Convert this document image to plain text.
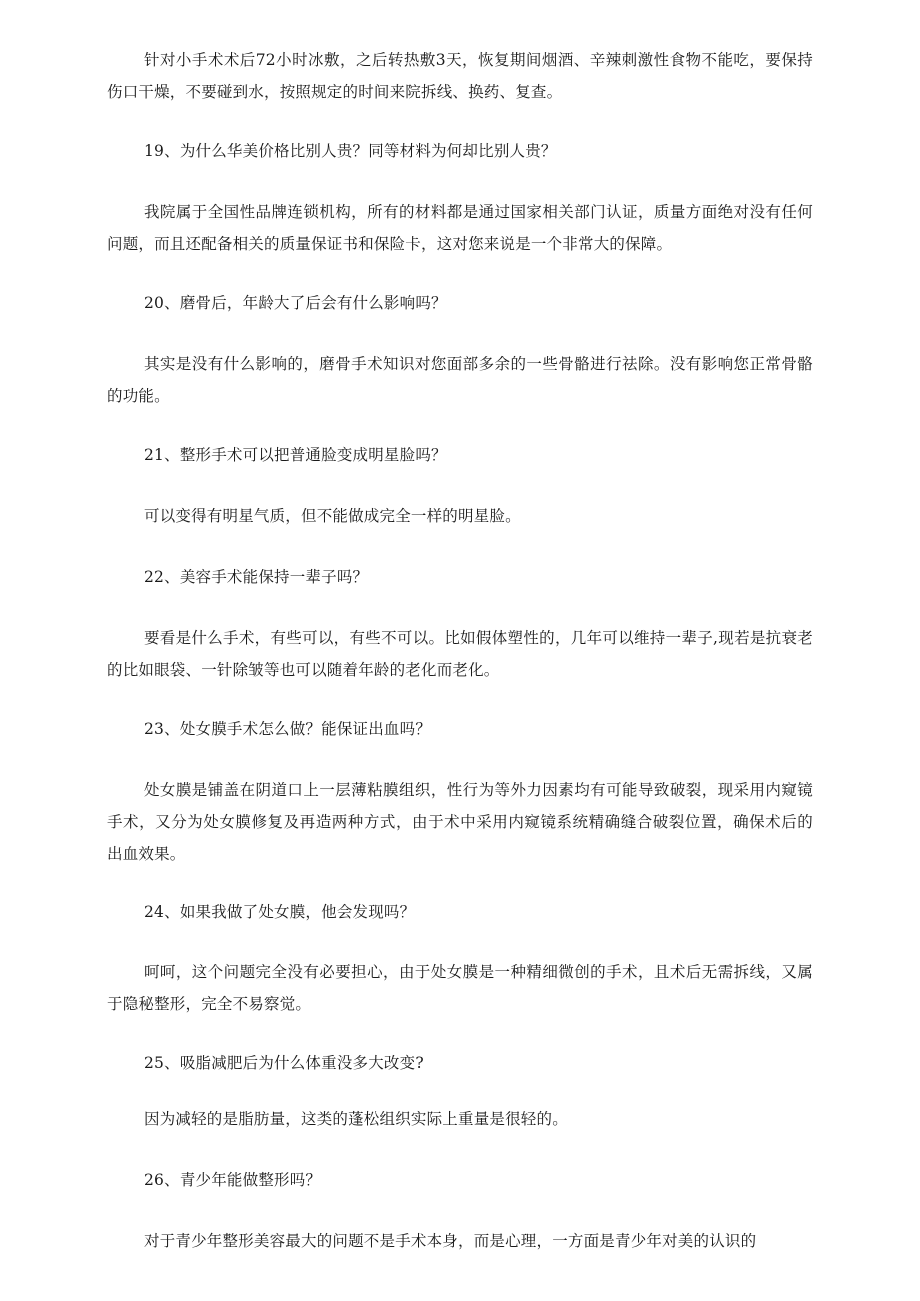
针对小手术术后72小时冰敷，之后转热敷3天，恢复期间烟酒、辛辣刺激性食物不能吃，要保持伤口干燥，不要碰到水，按照规定的时间来院拆线、换药、复查。

19、为什么华美价格比别人贵？同等材料为何却比别人贵？

我院属于全国性品牌连锁机构，所有的材料都是通过国家相关部门认证，质量方面绝对没有任何问题，而且还配备相关的质量保证书和保险卡，这对您来说是一个非常大的保障。

20、磨骨后，年龄大了后会有什么影响吗？

其实是没有什么影响的，磨骨手术知识对您面部多余的一些骨骼进行祛除。没有影响您正常骨骼的功能。

21、整形手术可以把普通脸变成明星脸吗？

可以变得有明星气质，但不能做成完全一样的明星脸。

22、美容手术能保持一辈子吗？

要看是什么手术，有些可以，有些不可以。比如假体塑性的，几年可以维持一辈子,现若是抗衰老的比如眼袋、一针除皱等也可以随着年龄的老化而老化。

23、处女膜手术怎么做？能保证出血吗？

处女膜是铺盖在阴道口上一层薄粘膜组织，性行为等外力因素均有可能导致破裂，现采用内窥镜手术，又分为处女膜修复及再造两种方式，由于术中采用内窥镜系统精确缝合破裂位置，确保术后的出血效果。

24、如果我做了处女膜，他会发现吗？

呵呵，这个问题完全没有必要担心，由于处女膜是一种精细微创的手术，且术后无需拆线，又属于隐秘整形，完全不易察觉。

25、吸脂减肥后为什么体重没多大改变?

因为减轻的是脂肪量，这类的蓬松组织实际上重量是很轻的。

26、青少年能做整形吗？

对于青少年整形美容最大的问题不是手术本身，而是心理，一方面是青少年对美的认识的
